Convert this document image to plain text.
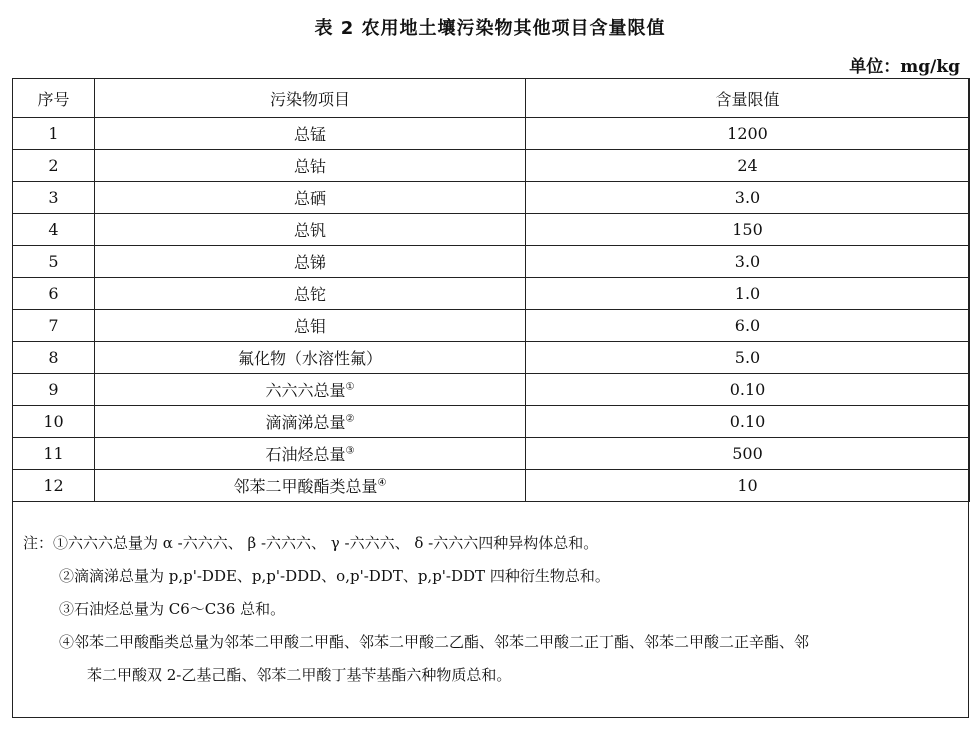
表 2 农用地土壤污染物其他项目含量限值
单位：mg/kg
序号	污染物项目	含量限值
1	总锰	1200
2	总钴	24
3	总硒	3.0
4	总钒	150
5	总锑	3.0
6	总铊	1.0
7	总钼	6.0
8	氟化物（水溶性氟）	5.0
9	六六六总量①	0.10
10	滴滴涕总量②	0.10
11	石油烃总量③	500
12	邻苯二甲酸酯类总量④	10
注：①六六六总量为 α -六六六、 β -六六六、 γ -六六六、 δ -六六六四种异构体总和。
②滴滴涕总量为 p,p'-DDE、p,p'-DDD、o,p'-DDT、p,p'-DDT 四种衍生物总和。
③石油烃总量为 C6～C36 总和。
④邻苯二甲酸酯类总量为邻苯二甲酸二甲酯、邻苯二甲酸二乙酯、邻苯二甲酸二正丁酯、邻苯二甲酸二正辛酯、邻
苯二甲酸双 2-乙基己酯、邻苯二甲酸丁基苄基酯六种物质总和。
